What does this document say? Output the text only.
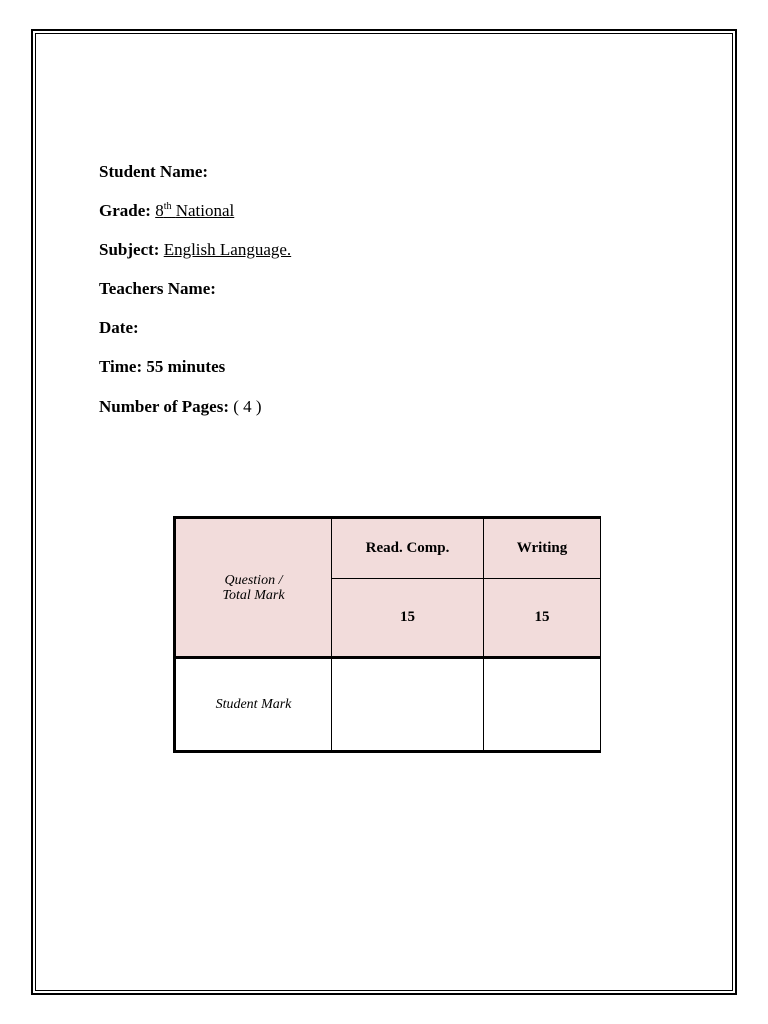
Student Name:
Grade: 8th National
Subject: English Language.
Teachers Name:
Date:
Time: 55 minutes
Number of Pages: ( 4 )
Question /
Total Mark	Read. Comp.	Writing
	15	15
Student Mark		
